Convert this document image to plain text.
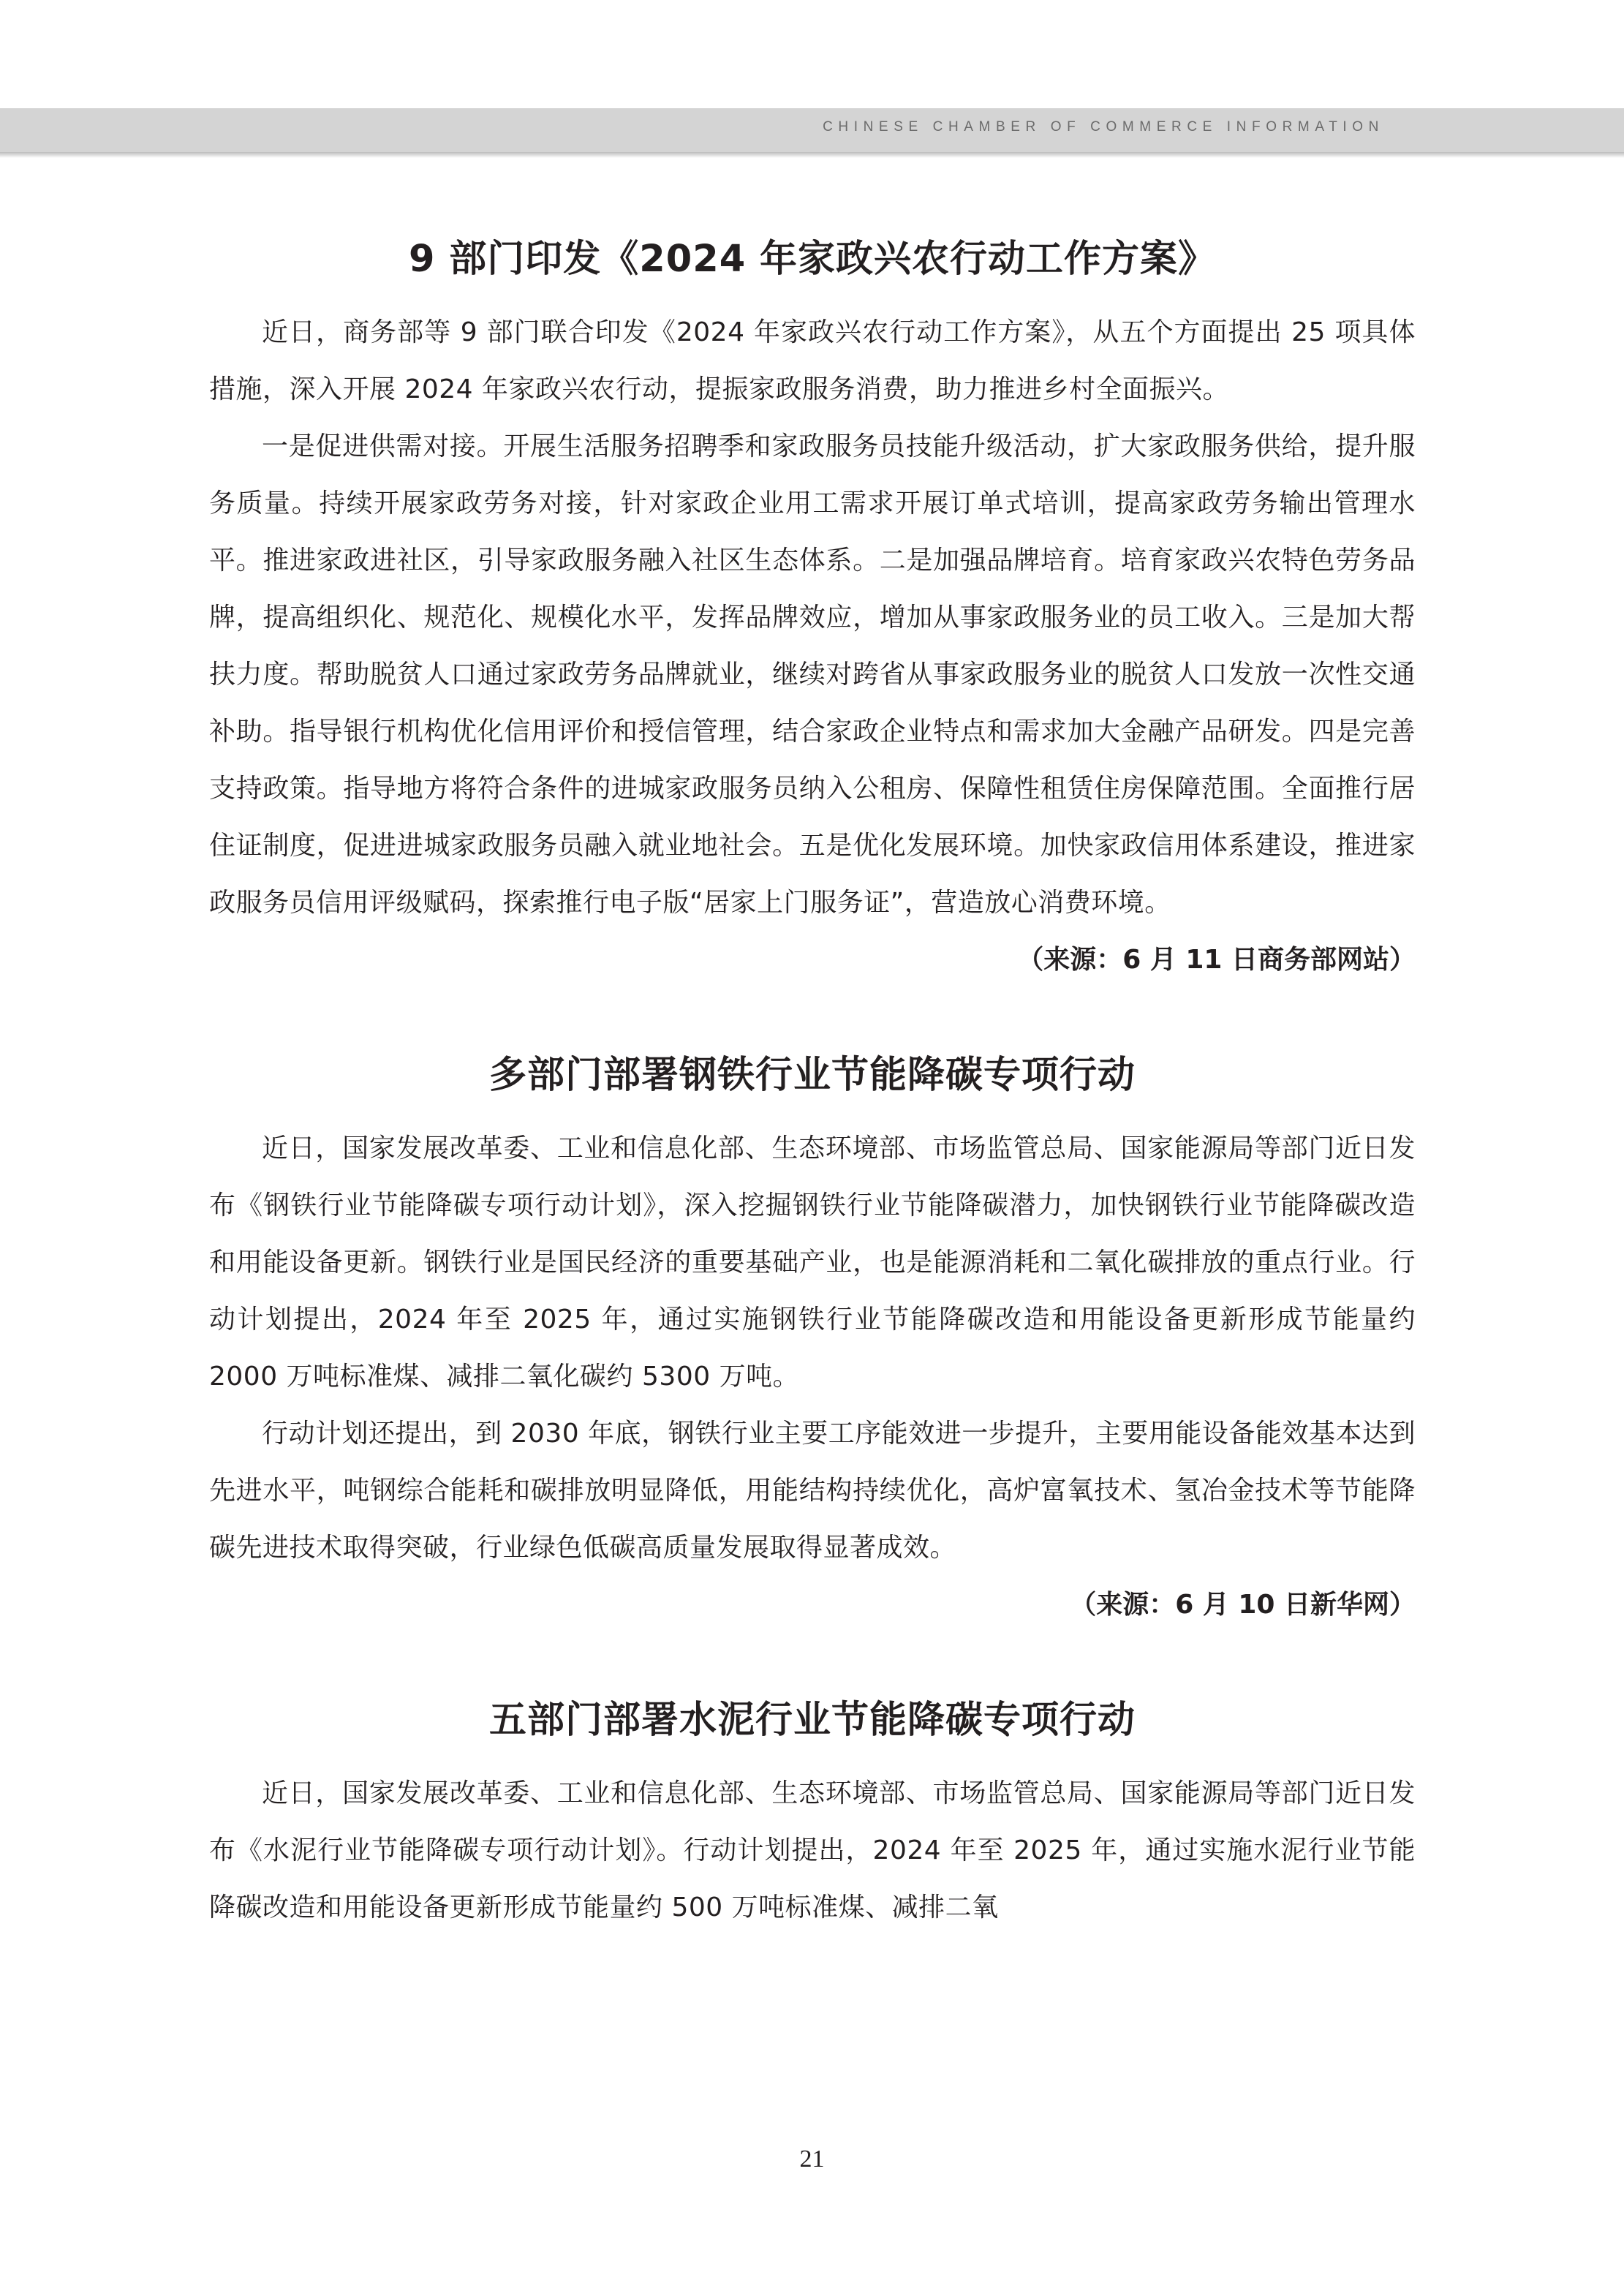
CHINESE CHAMBER OF COMMERCE INFORMATION
9 部门印发《2024 年家政兴农行动工作方案》

近日，商务部等 9 部门联合印发《2024 年家政兴农行动工作方案》，从五个方面提出 25 项具体措施，深入开展 2024 年家政兴农行动，提振家政服务消费，助力推进乡村全面振兴。

一是促进供需对接。开展生活服务招聘季和家政服务员技能升级活动，扩大家政服务供给，提升服务质量。持续开展家政劳务对接，针对家政企业用工需求开展订单式培训，提高家政劳务输出管理水平。推进家政进社区，引导家政服务融入社区生态体系。二是加强品牌培育。培育家政兴农特色劳务品牌，提高组织化、规范化、规模化水平，发挥品牌效应，增加从事家政服务业的员工收入。三是加大帮扶力度。帮助脱贫人口通过家政劳务品牌就业，继续对跨省从事家政服务业的脱贫人口发放一次性交通补助。指导银行机构优化信用评价和授信管理，结合家政企业特点和需求加大金融产品研发。四是完善支持政策。指导地方将符合条件的进城家政服务员纳入公租房、保障性租赁住房保障范围。全面推行居住证制度，促进进城家政服务员融入就业地社会。五是优化发展环境。加快家政信用体系建设，推进家政服务员信用评级赋码，探索推行电子版“居家上门服务证”，营造放心消费环境。

（来源：6 月 11 日商务部网站）

多部门部署钢铁行业节能降碳专项行动

近日，国家发展改革委、工业和信息化部、生态环境部、市场监管总局、国家能源局等部门近日发布《钢铁行业节能降碳专项行动计划》，深入挖掘钢铁行业节能降碳潜力，加快钢铁行业节能降碳改造和用能设备更新。钢铁行业是国民经济的重要基础产业，也是能源消耗和二氧化碳排放的重点行业。行动计划提出，2024 年至 2025 年，通过实施钢铁行业节能降碳改造和用能设备更新形成节能量约 2000 万吨标准煤、减排二氧化碳约 5300 万吨。

行动计划还提出，到 2030 年底，钢铁行业主要工序能效进一步提升，主要用能设备能效基本达到先进水平，吨钢综合能耗和碳排放明显降低，用能结构持续优化，高炉富氧技术、氢冶金技术等节能降碳先进技术取得突破，行业绿色低碳高质量发展取得显著成效。

（来源：6 月 10 日新华网）

五部门部署水泥行业节能降碳专项行动

近日，国家发展改革委、工业和信息化部、生态环境部、市场监管总局、国家能源局等部门近日发布《水泥行业节能降碳专项行动计划》。行动计划提出，2024 年至 2025 年，通过实施水泥行业节能降碳改造和用能设备更新形成节能量约 500 万吨标准煤、减排二氧

21
